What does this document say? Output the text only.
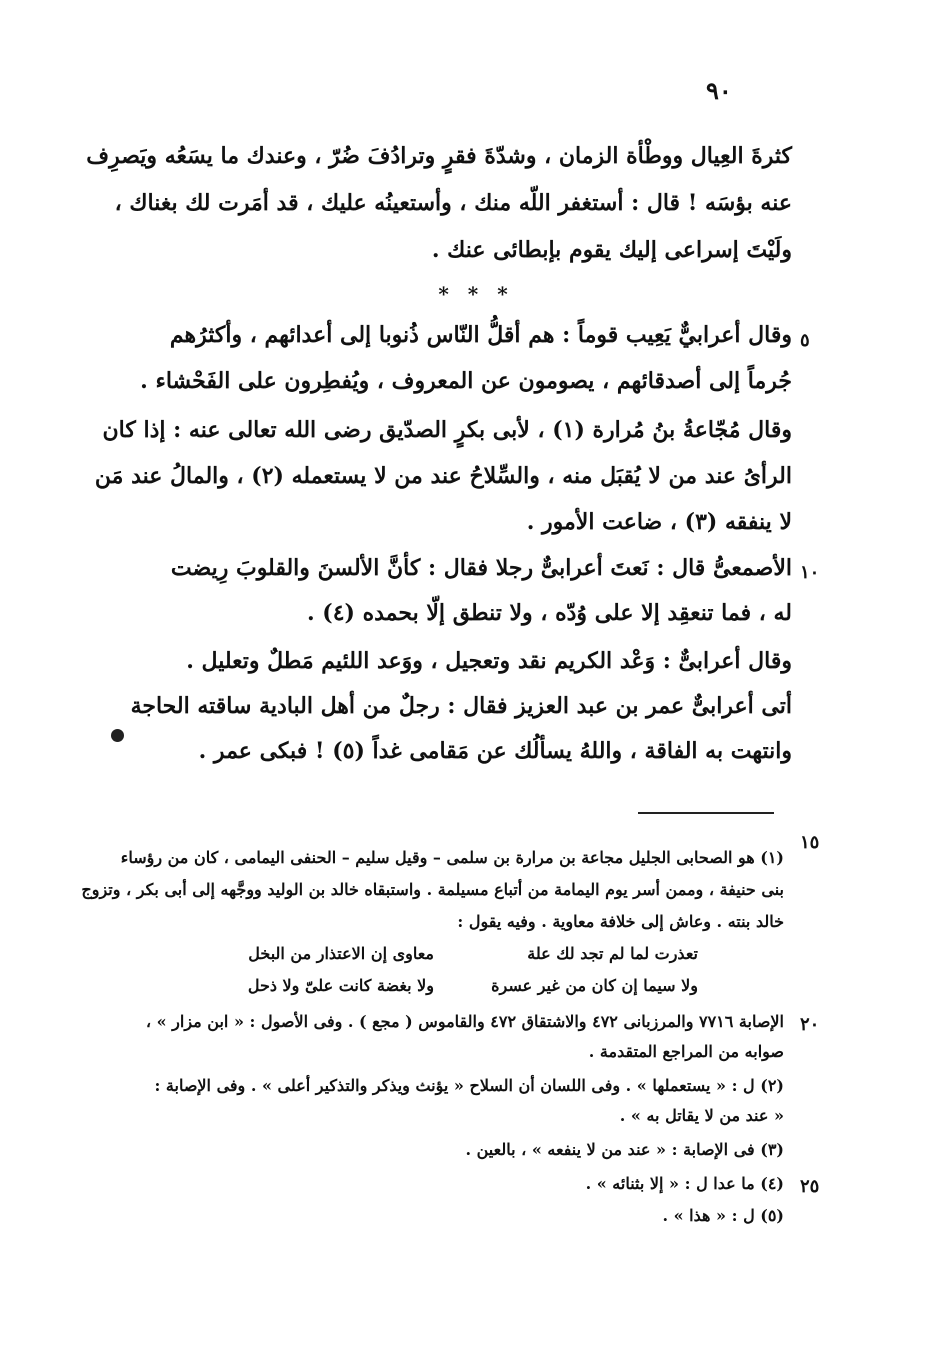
٩٠
كثرةَ العِيال ووطْأة الزمان ، وشدّةَ فقرٍ وترادُفَ ضُرّ ، وعندك ما يسَعُه ويَصرِف
عنه بؤسَه ! قال : أستغفر اللّه منك ، وأستعينُه عليك ، قد أمَرت لك بغناك ،
ولَيْتَ إسراعى إليك يقوم بإبطائى عنك .
* * *
وقال أعرابيٌّ يَعِيب قوماً : هم أقلُّ النّاس ذُنوبا إلى أعدائهم ، وأكثرُهم
جُرماً إلى أصدقائهم ، يصومون عن المعروف ، ويُفطِرون على الفَحْشاء .
وقال مُجّاعةُ بنُ مُرارة (١) ، لأبى بكرٍ الصدّيق رضى الله تعالى عنه : إذا كان
الرأىُ عند من لا يُقبَل منه ، والسِّلاحُ عند من لا يستعمله (٢) ، والمالُ عند مَن
لا ينفقه (٣) ، ضاعت الأمور .
الأصمعىُّ قال : نَعتَ أعرابىٌّ رجلا فقال : كأنَّ الألسنَ والقلوبَ رِيضت
له ، فما تنعقِد إلا على وُدّه ، ولا تنطق إلّا بحمده (٤) .
وقال أعرابىٌّ : وَعْد الكريم نقد وتعجيل ، ووَعد اللئيم مَطلٌ وتعليل .
أتى أعرابىٌّ عمر بن عبد العزيز فقال : رجلٌ من أهل البادية ساقته الحاجة
وانتهت به الفاقة ، واللهُ يسألُك عن مَقامى غداً (٥) ! فبكى عمر .
٥
١٠
١٥
٢٠
٢٥
(١) هو الصحابى الجليل مجاعة بن مرارة بن سلمى – وقيل سليم – الحنفى اليمامى ، كان من رؤساء
بنى حنيفة ، وممن أسر يوم اليمامة من أتباع مسيلمة . واستبقاه خالد بن الوليد ووجَّهه إلى أبى بكر ، وتزوج
خالد بنته . وعاش إلى خلافة معاوية . وفيه يقول :
تعذرت لما لم تجد لك علة
معاوى إن الاعتذار من البخل
ولا سيما إن كان من غير عسرة
ولا بغضة كانت علىّ ولا ذحل
الإصابة ٧٧١٦ والمرزبانى ٤٧٢ والاشتقاق ٤٧٢ والقاموس ( مجع ) . وفى الأصول : « ابن مزار » ،
صوابه من المراجع المتقدمة .
(٢) ل : « يستعملها » . وفى اللسان أن السلاح « يؤنث ويذكر والتذكير أعلى » . وفى الإصابة :
« عند من لا يقاتل به » .
(٣) فى الإصابة : « عند من لا ينفعه » ، بالعين .
(٤) ما عدا ل : « إلا بثنائه » .
(٥) ل : « هذا » .
